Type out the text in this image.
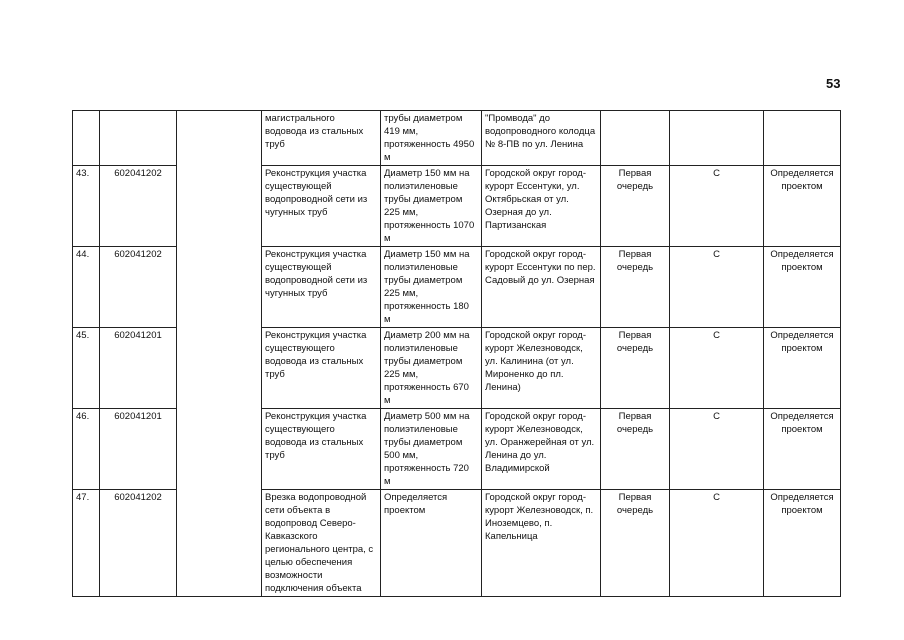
53
			магистрального водовода из стальных труб	трубы диаметром 419 мм, протяженность 4950 м	"Промвода" до водопроводного колодца № 8-ПВ по ул. Ленина			
43.	602041202		Реконструкция участка существующей водопроводной сети из чугунных труб	Диаметр 150 мм на полиэтиленовые трубы диаметром 225 мм, протяженность 1070 м	Городской округ город-курорт Ессентуки, ул. Октябрьская от ул. Озерная до ул. Партизанская	Первая очередь	С	Определяется проектом
44.	602041202		Реконструкция участка существующей водопроводной сети из чугунных труб	Диаметр 150 мм на полиэтиленовые трубы диаметром 225 мм, протяженность 180 м	Городской округ город-курорт Ессентуки по пер. Садовый до ул. Озерная	Первая очередь	С	Определяется проектом
45.	602041201		Реконструкция участка существующего водовода из стальных труб	Диаметр 200 мм на полиэтиленовые трубы диаметром 225 мм, протяженность 670 м	Городской округ город-курорт Железноводск, ул. Калинина (от ул. Мироненко до пл. Ленина)	Первая очередь	С	Определяется проектом
46.	602041201		Реконструкция участка существующего водовода из стальных труб	Диаметр 500 мм на полиэтиленовые трубы диаметром 500 мм, протяженность 720 м	Городской округ город-курорт Железноводск, ул. Оранжерейная от ул. Ленина до ул. Владимирской	Первая очередь	С	Определяется проектом
47.	602041202		Врезка водопроводной сети объекта в водопровод Северо-Кавказского регионального центра, с целью обеспечения возможности подключения объекта	Определяется проектом	Городской округ город-курорт Железноводск, п. Иноземцево, п. Капельница	Первая очередь	С	Определяется проектом
